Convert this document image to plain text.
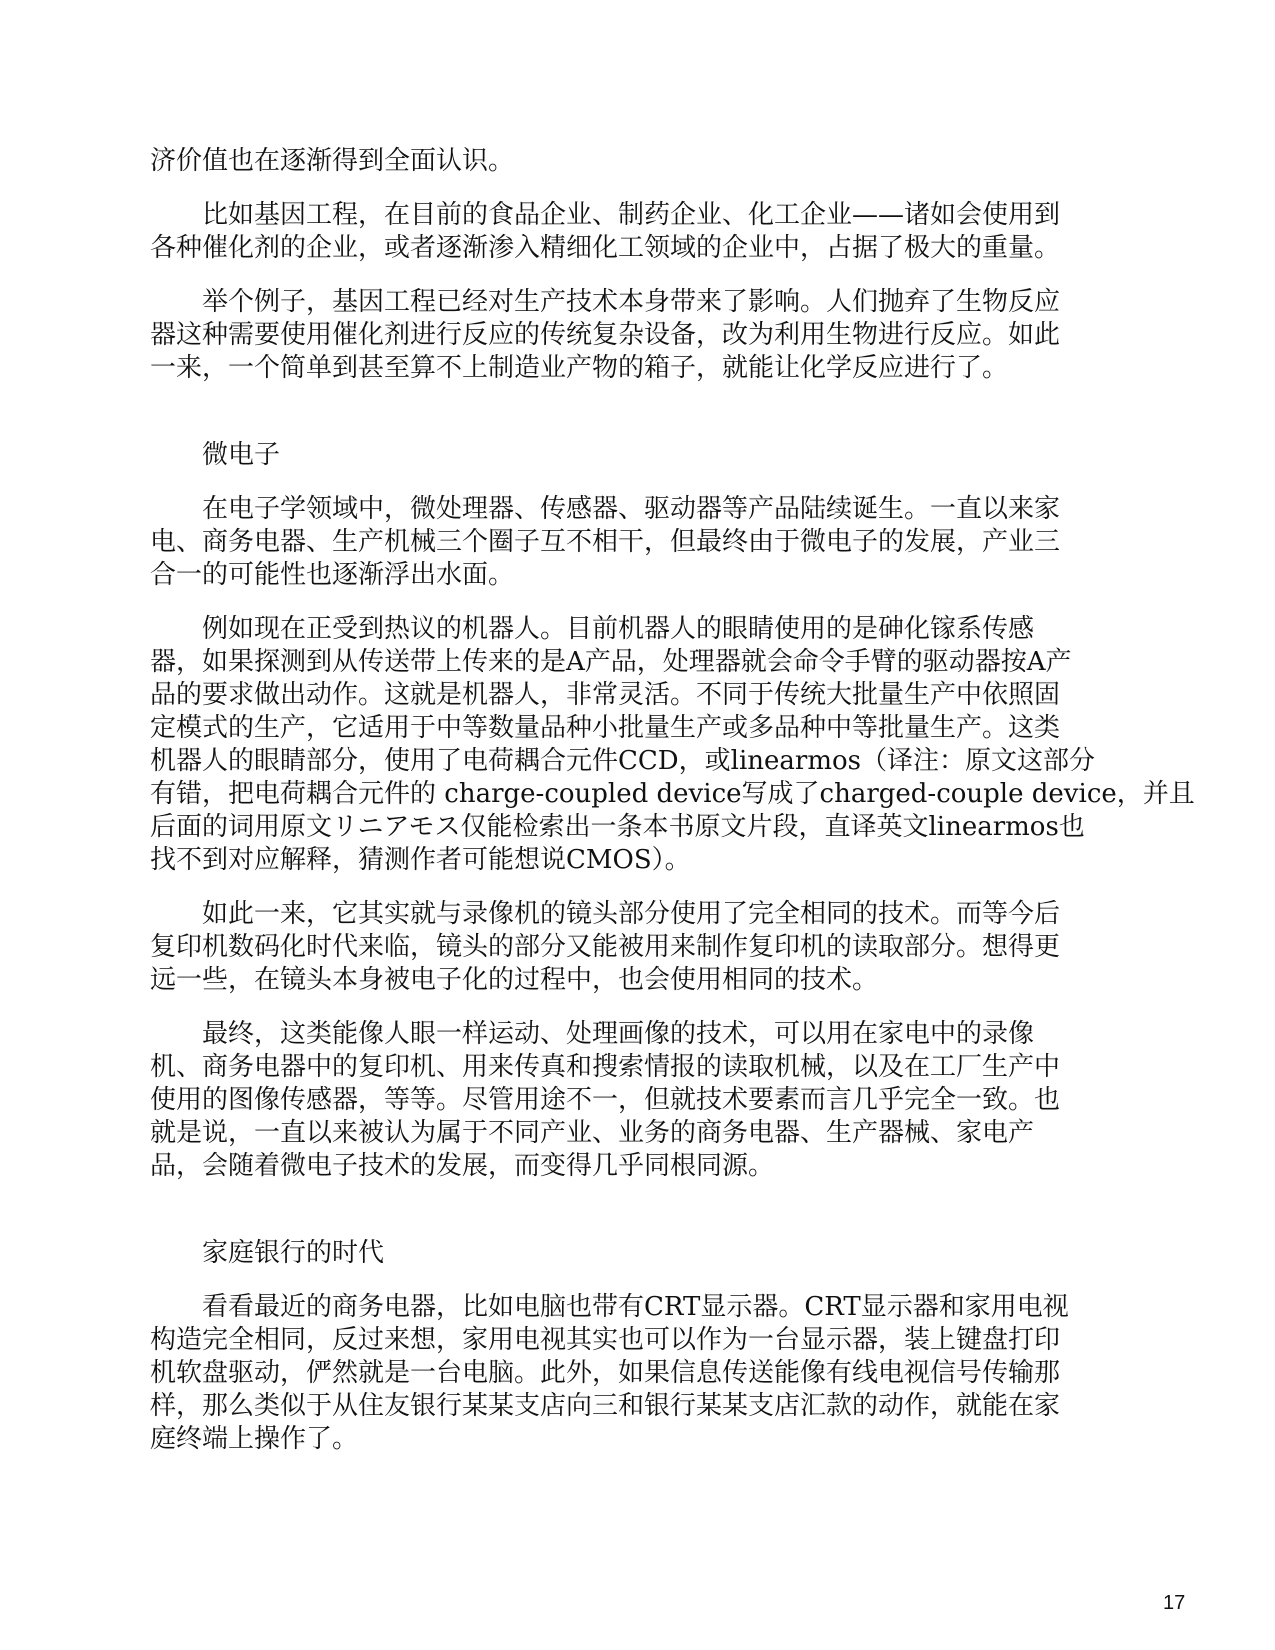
济价值也在逐渐得到全面认识。
比如基因工程，在目前的食品企业、制药企业、化工企业——诸如会使用到
各种催化剂的企业，或者逐渐渗入精细化工领域的企业中，占据了极大的重量。
举个例子，基因工程已经对生产技术本身带来了影响。人们抛弃了生物反应
器这种需要使用催化剂进行反应的传统复杂设备，改为利用生物进行反应。如此
一来，一个简单到甚至算不上制造业产物的箱子，就能让化学反应进行了。
微电子
在电子学领域中，微处理器、传感器、驱动器等产品陆续诞生。一直以来家
电、商务电器、生产机械三个圈子互不相干，但最终由于微电子的发展，产业三
合一的可能性也逐渐浮出水面。
例如现在正受到热议的机器人。目前机器人的眼睛使用的是砷化镓系传感
器，如果探测到从传送带上传来的是A产品，处理器就会命令手臂的驱动器按A产
品的要求做出动作。这就是机器人，非常灵活。不同于传统大批量生产中依照固
定模式的生产，它适用于中等数量品种小批量生产或多品种中等批量生产。这类
机器人的眼睛部分，使用了电荷耦合元件CCD，或linearmos（译注：原文这部分
有错，把电荷耦合元件的 charge-coupled device写成了charged-couple device，并且
后面的词用原文リニアモス仅能检索出一条本书原文片段，直译英文linearmos也
找不到对应解释，猜测作者可能想说CMOS）。
如此一来，它其实就与录像机的镜头部分使用了完全相同的技术。而等今后
复印机数码化时代来临，镜头的部分又能被用来制作复印机的读取部分。想得更
远一些，在镜头本身被电子化的过程中，也会使用相同的技术。
最终，这类能像人眼一样运动、处理画像的技术，可以用在家电中的录像
机、商务电器中的复印机、用来传真和搜索情报的读取机械，以及在工厂生产中
使用的图像传感器，等等。尽管用途不一，但就技术要素而言几乎完全一致。也
就是说，一直以来被认为属于不同产业、业务的商务电器、生产器械、家电产
品，会随着微电子技术的发展，而变得几乎同根同源。
家庭银行的时代
看看最近的商务电器，比如电脑也带有CRT显示器。CRT显示器和家用电视
构造完全相同，反过来想，家用电视其实也可以作为一台显示器，装上键盘打印
机软盘驱动，俨然就是一台电脑。此外，如果信息传送能像有线电视信号传输那
样，那么类似于从住友银行某某支店向三和银行某某支店汇款的动作，就能在家
庭终端上操作了。
17
